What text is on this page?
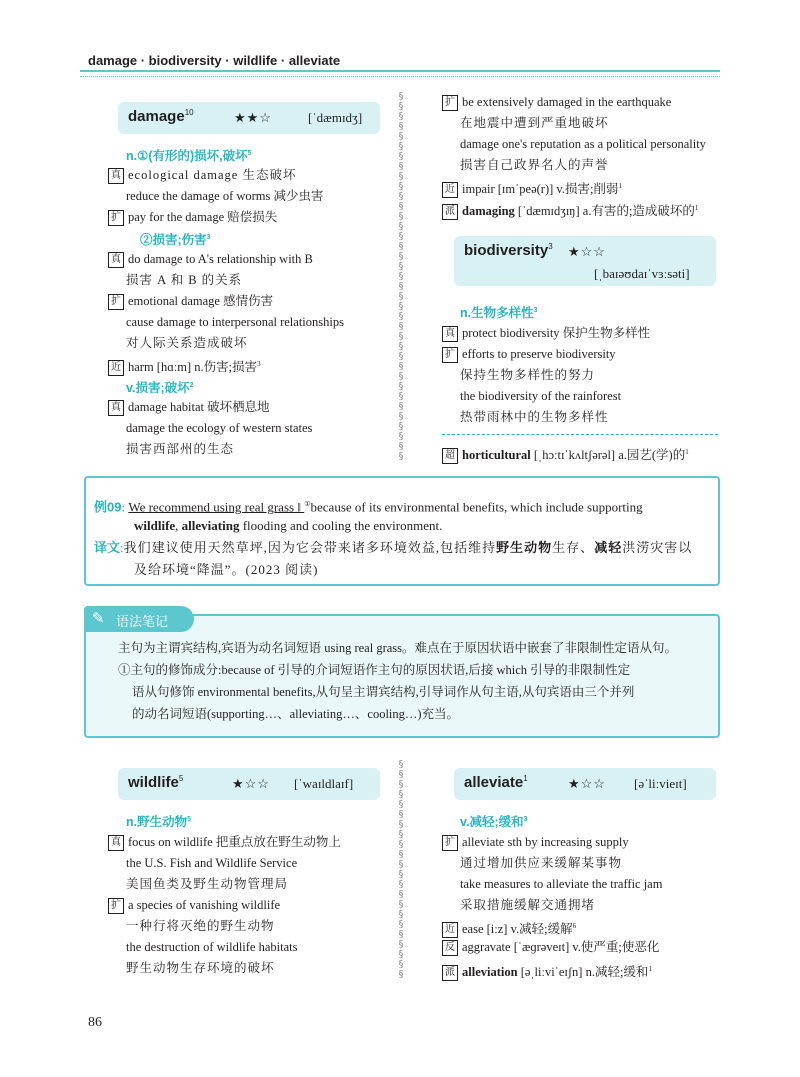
damage · biodiversity · wildlife · alleviate
damage$^{10}$	★★☆	[ˈdæmɪdʒ]
n.①(有形的)损坏,破坏$^5$
真 ecological damage 生态破坏
reduce the damage of worms 减少虫害
扩 pay for the damage 赔偿损失
②损害;伤害$^3$
真 do damage to A's relationship with B
损害 A 和 B 的关系
扩 emotional damage 感情伤害
cause damage to interpersonal relationships
对人际关系造成破坏
近 harm [hɑːm] n.伤害;损害$^3$
v.损害;破坏$^2$
真 damage habitat 破坏栖息地
damage the ecology of western states
损害西部州的生态
§
§
§
§
§
§
§
§
§
§
§
§
§
§
§
§
§
§
§
§
§
§
§
§
§
§
§
§
§
§
§
§
§
§
§
§
§
扩 be extensively damaged in the earthquake
在地震中遭到严重地破坏
damage one's reputation as a political personality
损害自己政界名人的声誉
近 impair [ɪmˈpeə(r)] v.损害;削弱$^1$
派 damaging [ˈdæmɪdʒɪŋ] a.有害的;造成破坏的$^1$
biodiversity$^3$ ★☆☆
[ˌbaɪəʊdaɪˈvɜːsəti]
n.生物多样性$^3$
真 protect biodiversity 保护生物多样性
扩 efforts to preserve biodiversity
保持生物多样性的努力
the biodiversity of the rainforest
热带雨林中的生物多样性
超 horticultural [ˌhɔːtɪˈkʌltʃərəl] a.园艺(学)的$^1$
例09: We recommend using real grass ‖ ①because of its environmental benefits, which include supporting
wildlife, alleviating flooding and cooling the environment.
译文:我们建议使用天然草坪,因为它会带来诸多环境效益,包括维持野生动物生存、减轻洪涝灾害以
及给环境“降温”。(2023 阅读)
✎ 语法笔记
主句为主谓宾结构,宾语为动名词短语 using real grass。难点在于原因状语中嵌套了非限制性定语从句。
①主句的修饰成分:because of 引导的介词短语作主句的原因状语,后接 which 引导的非限制性定
语从句修饰 environmental benefits,从句呈主谓宾结构,引导词作从句主语,从句宾语由三个并列
的动名词短语(supporting…、alleviating…、cooling…)充当。
wildlife$^5$	★☆☆ [ˈwaɪldlaɪf]
n.野生动物$^5$
真 focus on wildlife 把重点放在野生动物上
the U.S. Fish and Wildlife Service
美国鱼类及野生动物管理局
扩 a species of vanishing wildlife
一种行将灭绝的野生动物
the destruction of wildlife habitats
野生动物生存环境的破坏
§
§
§
§
§
§
§
§
§
§
§
§
§
§
§
§
§
§
§
§
§
§
alleviate$^1$	★☆☆ [əˈliːvieɪt]
v.减轻;缓和$^3$
扩 alleviate sth by increasing supply
通过增加供应来缓解某事物
take measures to alleviate the traffic jam
采取措施缓解交通拥堵
近 ease [iːz] v.减轻;缓解$^6$
反 aggravate [ˈæɡrəveɪt] v.使严重;使恶化
派 alleviation [əˌliːviˈeɪʃn] n.减轻;缓和$^1$
86
